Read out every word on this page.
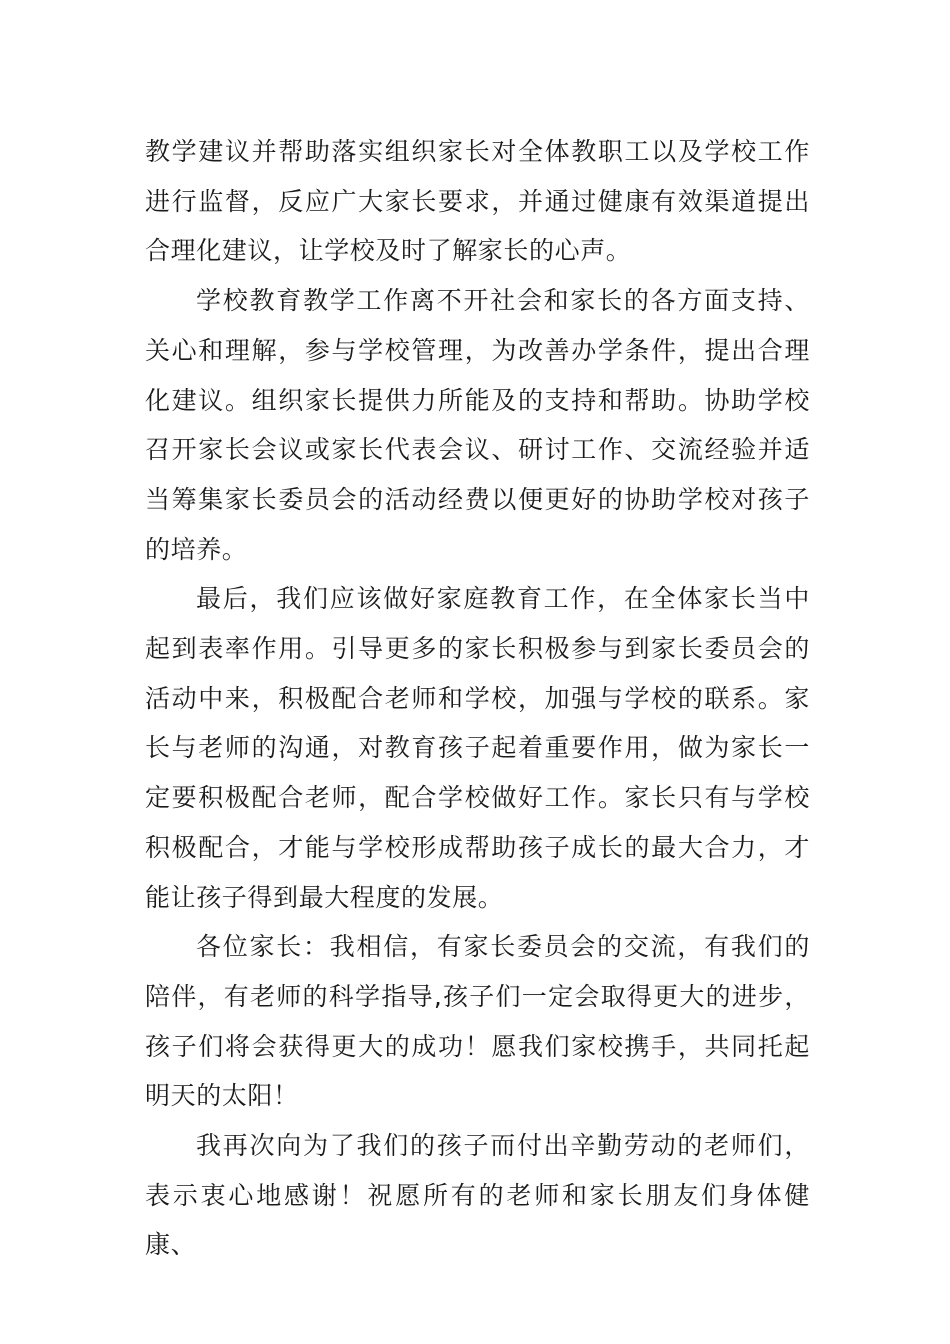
教学建议并帮助落实组织家长对全体教职工以及学校工作进行监督，反应广大家长要求，并通过健康有效渠道提出合理化建议，让学校及时了解家长的心声。

学校教育教学工作离不开社会和家长的各方面支持、关心和理解，参与学校管理，为改善办学条件，提出合理化建议。组织家长提供力所能及的支持和帮助。协助学校召开家长会议或家长代表会议、研讨工作、交流经验并适当筹集家长委员会的活动经费以便更好的协助学校对孩子的培养。

最后，我们应该做好家庭教育工作，在全体家长当中起到表率作用。引导更多的家长积极参与到家长委员会的活动中来，积极配合老师和学校，加强与学校的联系。家长与老师的沟通，对教育孩子起着重要作用，做为家长一定要积极配合老师，配合学校做好工作。家长只有与学校积极配合，才能与学校形成帮助孩子成长的最大合力，才能让孩子得到最大程度的发展。

各位家长：我相信，有家长委员会的交流，有我们的陪伴，有老师的科学指导,孩子们一定会取得更大的进步，孩子们将会获得更大的成功！愿我们家校携手，共同托起明天的太阳！

我再次向为了我们的孩子而付出辛勤劳动的老师们，表示衷心地感谢！祝愿所有的老师和家长朋友们身体健康、
